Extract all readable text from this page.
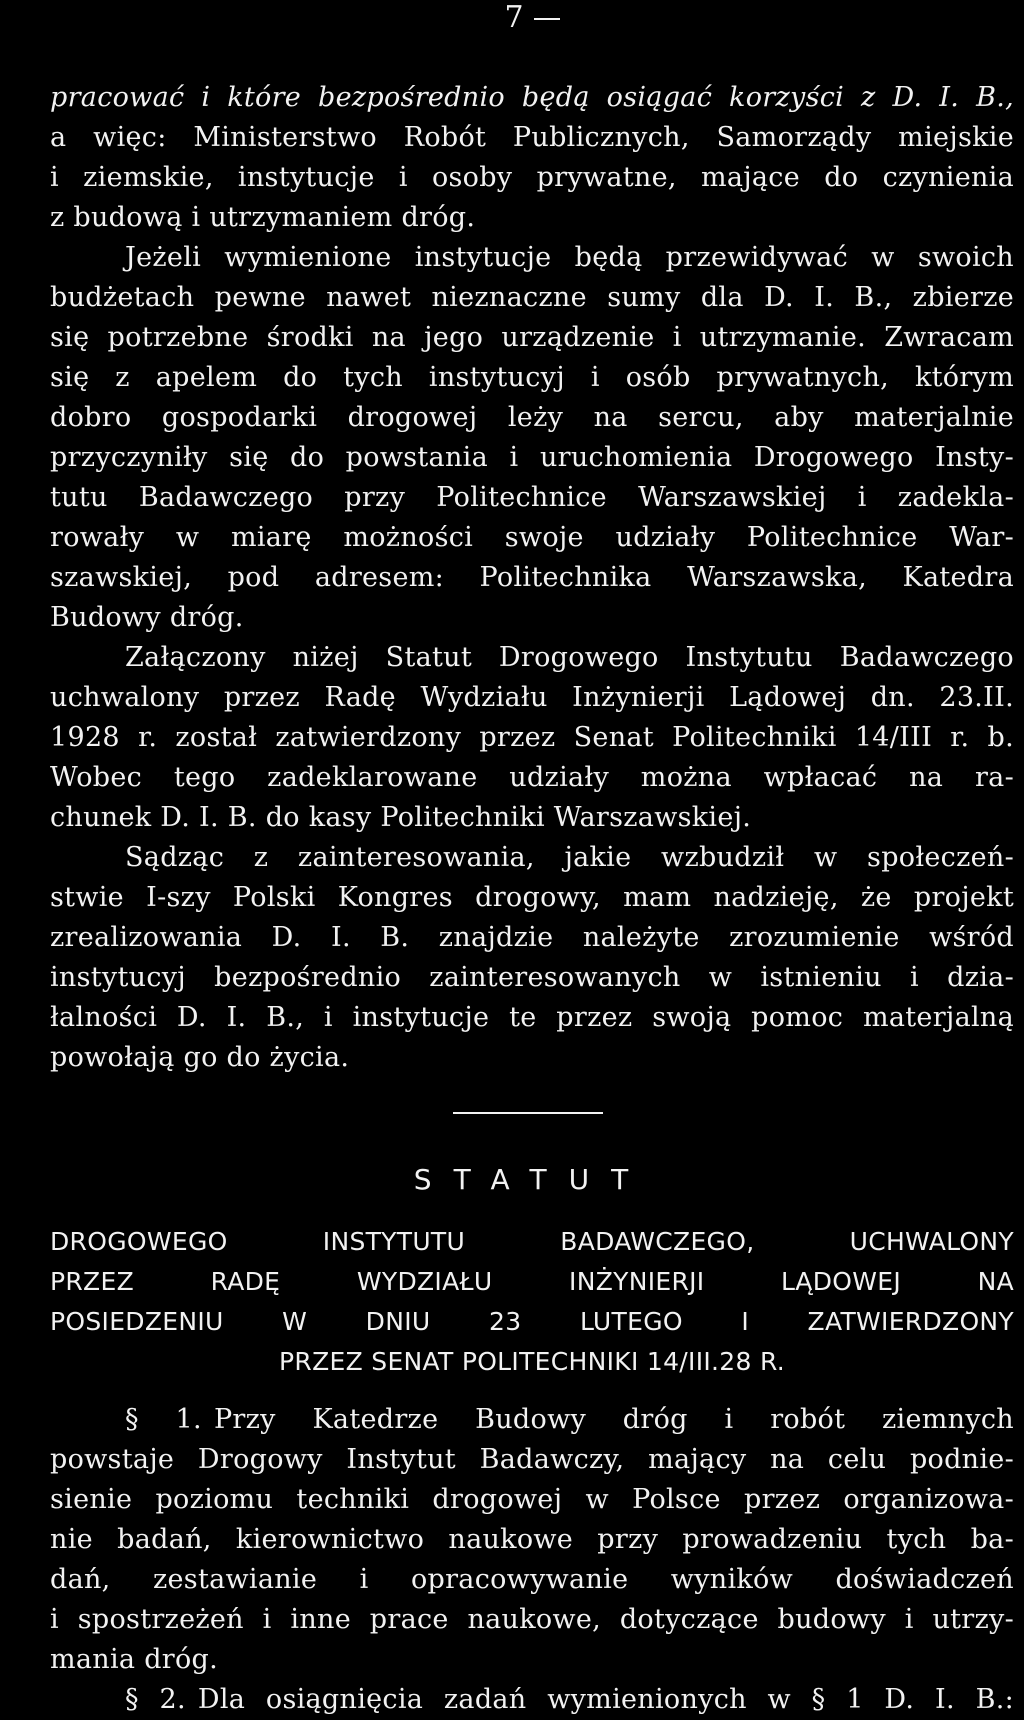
7

pracować i które bezpośrednio będą osiągać korzyści z D. I. B.,
a więc: Ministerstwo Robót Publicznych, Samorządy miejskie
i ziemskie, instytucje i osoby prywatne, mające do czynienia
z budową i utrzymaniem dróg.

Jeżeli wymienione instytucje będą przewidywać w swoich
budżetach pewne nawet nieznaczne sumy dla D. I. B., zbierze
się potrzebne środki na jego urządzenie i utrzymanie. Zwracam
się z apelem do tych instytucyj i osób prywatnych, którym
dobro gospodarki drogowej leży na sercu, aby materjalnie
przyczyniły się do powstania i uruchomienia Drogowego Insty-
tutu Badawczego przy Politechnice Warszawskiej i zadekla-
rowały w miarę możności swoje udziały Politechnice War-
szawskiej, pod adresem: Politechnika Warszawska, Katedra
Budowy dróg.

Załączony niżej Statut Drogowego Instytutu Badawczego
uchwalony przez Radę Wydziału Inżynierji Lądowej dn. 23.II.
1928 r. został zatwierdzony przez Senat Politechniki 14/III r. b.
Wobec tego zadeklarowane udziały można wpłacać na ra-
chunek D. I. B. do kasy Politechniki Warszawskiej.

Sądząc z zainteresowania, jakie wzbudził w społeczeń-
stwie I-szy Polski Kongres drogowy, mam nadzieję, że projekt
zrealizowania D. I. B. znajdzie należyte zrozumienie wśród
instytucyj bezpośrednio zainteresowanych w istnieniu i dzia-
łalności D. I. B., i instytucje te przez swoją pomoc materjalną
powołają go do życia.

STATUT
DROGOWEGO INSTYTUTU BADAWCZEGO, UCHWALONY
PRZEZ RADĘ WYDZIAŁU INŻYNIERJI LĄDOWEJ NA
POSIEDZENIU W DNIU 23 LUTEGO I ZATWIERDZONY
PRZEZ SENAT POLITECHNIKI 14/III.28 R.

§ 1. Przy Katedrze Budowy dróg i robót ziemnych
powstaje Drogowy Instytut Badawczy, mający na celu podnie-
sienie poziomu techniki drogowej w Polsce przez organizowa-
nie badań, kierownictwo naukowe przy prowadzeniu tych ba-
dań, zestawianie i opracowywanie wyników doświadczeń
i spostrzeżeń i inne prace naukowe, dotyczące budowy i utrzy-
mania dróg.

§ 2. Dla osiągnięcia zadań wymienionych w § 1 D. I. B.:
